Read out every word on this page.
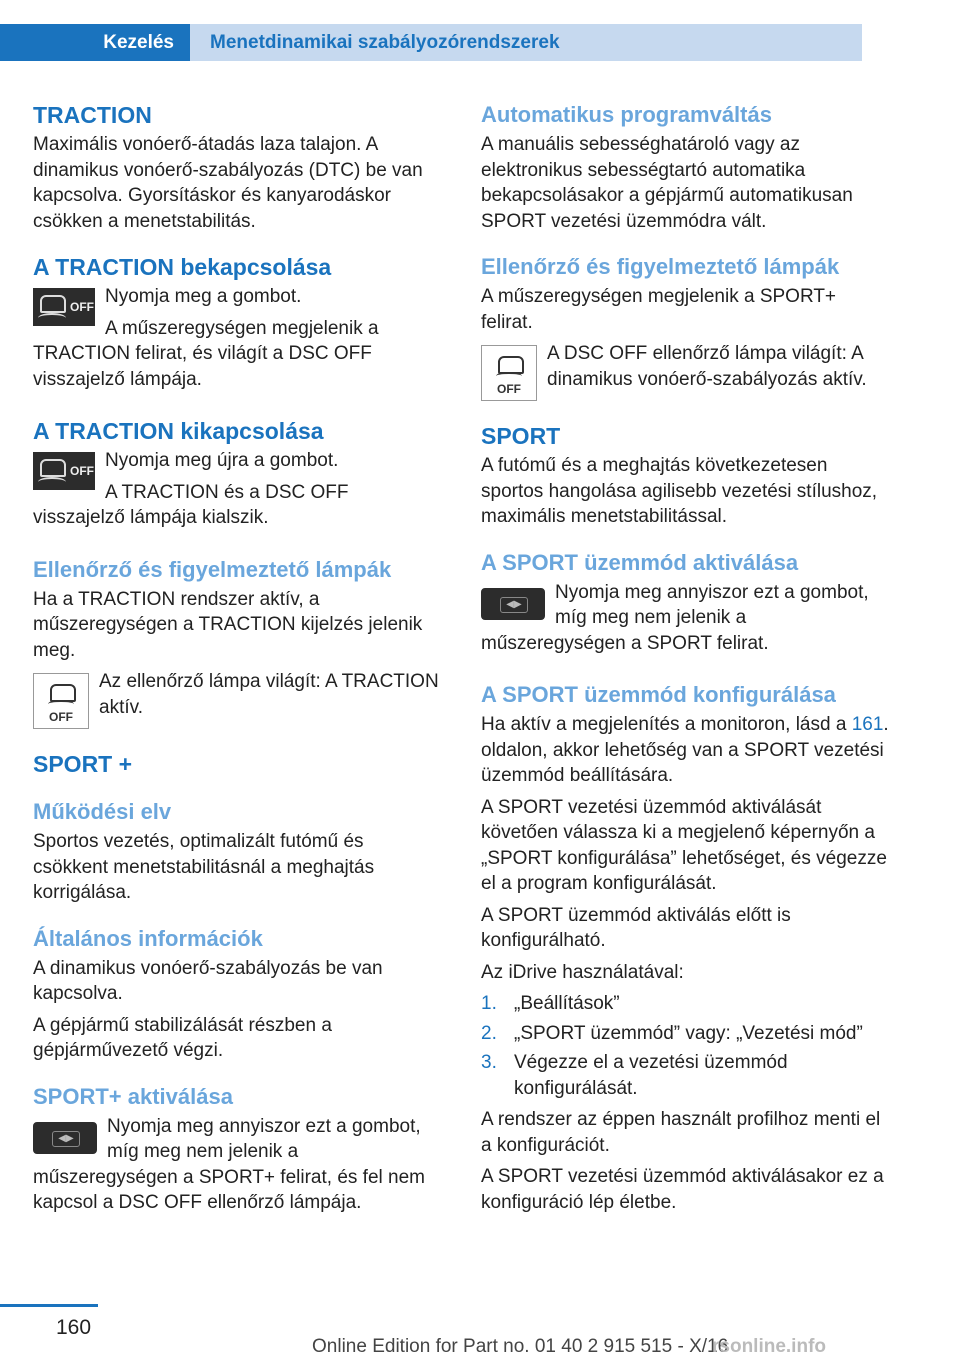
Kezelés	Menetdinamikai szabályozórendszerek
TRACTION

Maximális vonóerő-átadás laza talajon. A dinamikus vonóerő-szabályozás (DTC) be van kapcsolva. Gyorsításkor és kanyarodáskor csökken a menetstabilitás.

A TRACTION bekapcsolása
OFF Nyomja meg a gombot.

A műszeregységen megjelenik a TRACTION felirat, és világít a DSC OFF visszajelző lámpája.

A TRACTION kikapcsolása
OFF Nyomja meg újra a gombot.

A TRACTION és a DSC OFF visszajelző lámpája kialszik.

Ellenőrző és figyelmeztető lámpák

Ha a TRACTION rendszer aktív, a műszeregységen a TRACTION kijelzés jelenik meg.

OFF

Az ellenőrző lámpa világít: A TRACTION aktív.

SPORT +
Működési elv

Sportos vezetés, optimalizált futómű és csökkent menetstabilitásnál a meghajtás korrigálása.

Általános információk

A dinamikus vonóerő-szabályozás be van kapcsolva.

A gépjármű stabilizálását részben a gépjárművezető végzi.

SPORT+ aktiválása
◀▶

Nyomja meg annyiszor ezt a gombot, míg meg nem jelenik a műszeregységen a SPORT+ felirat, és fel nem kapcsol a DSC OFF ellenőrző lámpája.

Automatikus programváltás

A manuális sebességhatároló vagy az elektronikus sebességtartó automatika bekapcsolásakor a gépjármű automatikusan SPORT vezetési üzemmódra vált.

Ellenőrző és figyelmeztető lámpák

A műszeregységen megjelenik a SPORT+ felirat.

OFF

A DSC OFF ellenőrző lámpa világít: A dinamikus vonóerő-szabályozás aktív.

SPORT

A futómű és a meghajtás következetesen sportos hangolása agilisebb vezetési stílushoz, maximális menetstabilitással.

A SPORT üzemmód aktiválása
◀▶

Nyomja meg annyiszor ezt a gombot, míg meg nem jelenik a műszeregységen a SPORT felirat.

A SPORT üzemmód konfigurálása

Ha aktív a megjelenítés a monitoron, lásd a 161. oldalon, akkor lehetőség van a SPORT vezetési üzemmód beállítására.

A SPORT vezetési üzemmód aktiválását követően válassza ki a megjelenő képernyőn a „SPORT konfigurálása” lehetőséget, és végezze el a program konfigurálását.

A SPORT üzemmód aktiválás előtt is konfigurálható.

Az iDrive használatával:

1. „Beállítások”
2. „SPORT üzemmód” vagy: „Vezetési mód”
3. Végezze el a vezetési üzemmód konfigurálását.

A rendszer az éppen használt profilhoz menti el a konfigurációt.

A SPORT vezetési üzemmód aktiválásakor ez a konfiguráció lép életbe.

160
Online Edition for Part no. 01 40 2 915 515 - X/16
rsonline.info
